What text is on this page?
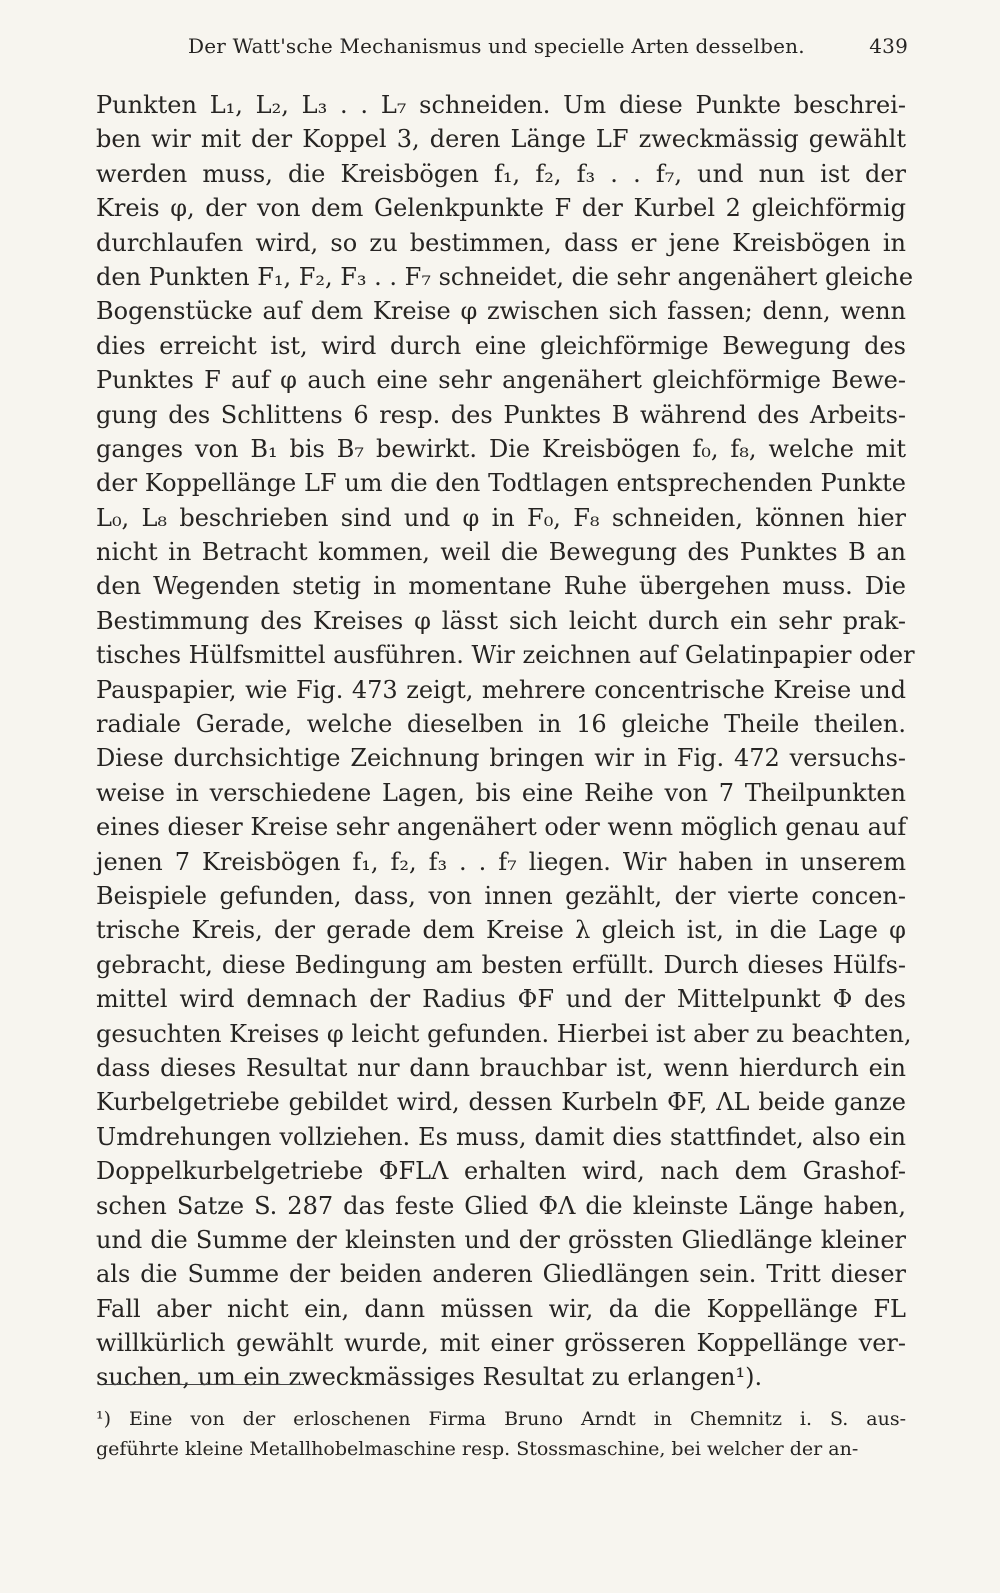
Der Watt'sche Mechanismus und specielle Arten desselben.	439
Punkten L₁, L₂, L₃ . . L₇ schneiden. Um diese Punkte beschrei-
ben wir mit der Koppel 3, deren Länge LF zweckmässig gewählt
werden muss, die Kreisbögen f₁, f₂, f₃ . . f₇, und nun ist der
Kreis φ, der von dem Gelenkpunkte F der Kurbel 2 gleichförmig
durchlaufen wird, so zu bestimmen, dass er jene Kreisbögen in
den Punkten F₁, F₂, F₃ . . F₇ schneidet, die sehr angenähert gleiche
Bogenstücke auf dem Kreise φ zwischen sich fassen; denn, wenn
dies erreicht ist, wird durch eine gleichförmige Bewegung des
Punktes F auf φ auch eine sehr angenähert gleichförmige Bewe-
gung des Schlittens 6 resp. des Punktes B während des Arbeits-
ganges von B₁ bis B₇ bewirkt. Die Kreisbögen f₀, f₈, welche mit
der Koppellänge LF um die den Todtlagen entsprechenden Punkte
L₀, L₈ beschrieben sind und φ in F₀, F₈ schneiden, können hier
nicht in Betracht kommen, weil die Bewegung des Punktes B an
den Wegenden stetig in momentane Ruhe übergehen muss. Die
Bestimmung des Kreises φ lässt sich leicht durch ein sehr prak-
tisches Hülfsmittel ausführen. Wir zeichnen auf Gelatinpapier oder
Pauspapier, wie Fig. 473 zeigt, mehrere concentrische Kreise und
radiale Gerade, welche dieselben in 16 gleiche Theile theilen.
Diese durchsichtige Zeichnung bringen wir in Fig. 472 versuchs-
weise in verschiedene Lagen, bis eine Reihe von 7 Theilpunkten
eines dieser Kreise sehr angenähert oder wenn möglich genau auf
jenen 7 Kreisbögen f₁, f₂, f₃ . . f₇ liegen. Wir haben in unserem
Beispiele gefunden, dass, von innen gezählt, der vierte concen-
trische Kreis, der gerade dem Kreise λ gleich ist, in die Lage φ
gebracht, diese Bedingung am besten erfüllt. Durch dieses Hülfs-
mittel wird demnach der Radius ΦF und der Mittelpunkt Φ des
gesuchten Kreises φ leicht gefunden. Hierbei ist aber zu beachten,
dass dieses Resultat nur dann brauchbar ist, wenn hierdurch ein
Kurbelgetriebe gebildet wird, dessen Kurbeln ΦF, ΛL beide ganze
Umdrehungen vollziehen. Es muss, damit dies stattfindet, also ein
Doppelkurbelgetriebe ΦFLΛ erhalten wird, nach dem Grashof-
schen Satze S. 287 das feste Glied ΦΛ die kleinste Länge haben,
und die Summe der kleinsten und der grössten Gliedlänge kleiner
als die Summe der beiden anderen Gliedlängen sein. Tritt dieser
Fall aber nicht ein, dann müssen wir, da die Koppellänge FL
willkürlich gewählt wurde, mit einer grösseren Koppellänge ver-
suchen, um ein zweckmässiges Resultat zu erlangen¹).
¹) Eine von der erloschenen Firma Bruno Arndt in Chemnitz i. S. aus-
geführte kleine Metallhobelmaschine resp. Stossmaschine, bei welcher der an-
